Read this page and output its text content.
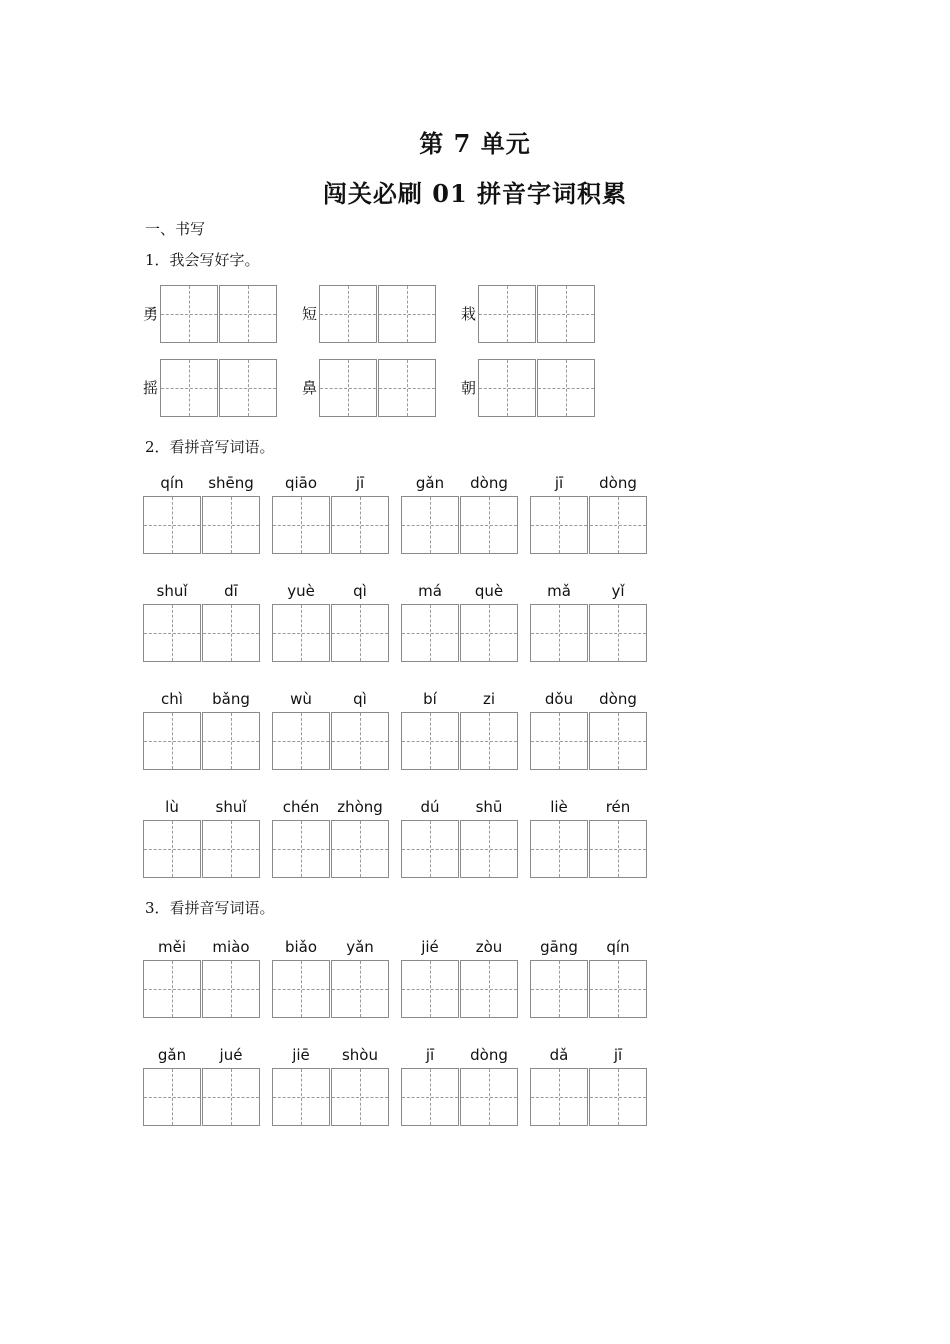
第 7 单元
闯关必刷 01 拼音字词积累
一、书写
1．我会写好字。
勇	短	栽
摇	鼻	朝
2．看拼音写词语。
qín	shēng	qiāo	jī	gǎn	dòng	jī	dòng
shuǐ	dī	yuè	qì	má	què	mǎ	yǐ
chì	bǎng	wù	qì	bí	zi	dǒu	dòng
lù	shuǐ	chén	zhòng	dú	shū	liè	rén
3．看拼音写词语。
měi	miào	biǎo	yǎn	jié	zòu	gāng	qín
gǎn	jué	jiē	shòu	jī	dòng	dǎ	jī
